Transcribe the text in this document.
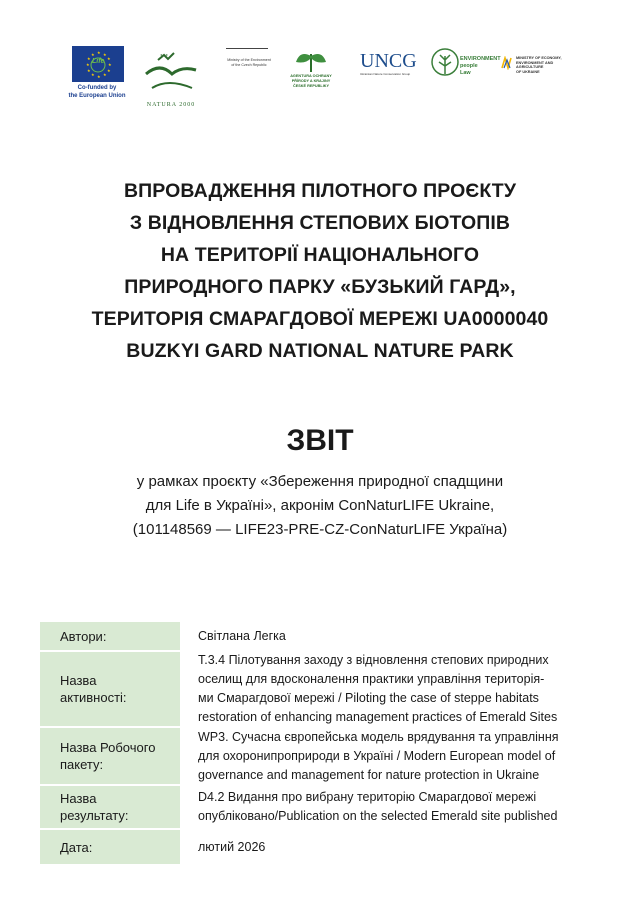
★ ★
★
★
★
★
★
★
★
★
★
★
Life
Co-funded by
the European Union
★★★
NATURA 2000
Ministry of the Environment
of the Czech Republic
AGENTURA OCHRANY
PŘÍRODY A KRAJINY
ČESKÉ REPUBLIKY
UNCG
Ukrainian Nature Conservation Group
ENVIRONMENT
people
Law
MINISTRY OF ECONOMY,
ENVIRONMENT AND AGRICULTURE
OF UKRAINE
ВПРОВАДЖЕННЯ ПІЛОТНОГО ПРОЄКТУ
З ВІДНОВЛЕННЯ СТЕПОВИХ БІОТОПІВ
НА ТЕРИТОРІЇ НАЦІОНАЛЬНОГО
ПРИРОДНОГО ПАРКУ «БУЗЬКИЙ ГАРД»,
ТЕРИТОРІЯ СМАРАГДОВОЇ МЕРЕЖІ UA0000040
BUZKYI GARD NATIONAL NATURE PARK
ЗВІТ
у рамках проєкту «Збереження природної спадщини
для Life в Україні», акронім ConNaturLIFE Ukraine,
(101148569 — LIFE23-PRE-CZ-ConNaturLIFE Україна)
Автори:	Світлана Легка
Назва
активності:
Т.3.4 Пілотування заходу з відновлення степових природних
оселищ для вдосконалення практики управління територія-
ми Смарагдової мережі / Piloting the case of steppe habitats
restoration of enhancing management practices of Emerald Sites
Назва Робочого
пакету:
WP3. Сучасна європейська модель врядування та управління
для охоронипроприроди в Україні / Modern European model of
governance and management for nature protection in Ukraine
Назва
результату:
D4.2 Видання про вибрану територію Смарагдової мережі
опубліковано/Publication on the selected Emerald site published
Дата:	лютий 2026
